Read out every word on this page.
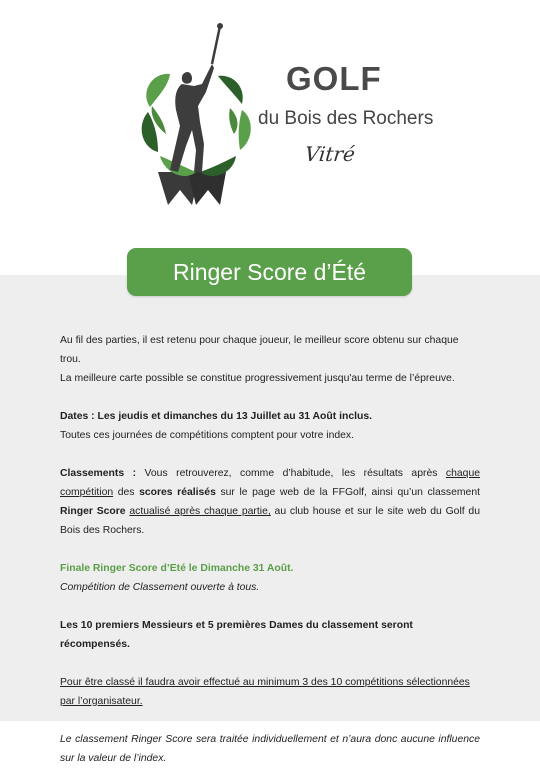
GOLF
du Bois des Rochers
Vitré
Ringer Score d’Été

Au fil des parties, il est retenu pour chaque joueur, le meilleur score obtenu sur chaque trou.

La meilleure carte possible se constitue progressivement jusqu'au terme de l’épreuve.

Dates : Les jeudis et dimanches du 13 Juillet au 31 Août inclus.

Toutes ces journées de compétitions comptent pour votre index.

Classements : Vous retrouverez, comme d’habitude, les résultats après chaque compétition des scores réalisés sur le page web de la FFGolf, ainsi qu’un classement Ringer Score actualisé après chaque partie, au club house et sur le site web du Golf du Bois des Rochers.

Finale Ringer Score d’Eté le Dimanche 31 Août.

Compétition de Classement ouverte à tous.

Les 10 premiers Messieurs et 5 premières Dames du classement seront récompensés.

Pour être classé il faudra avoir effectué au minimum 3 des 10 compétitions sélectionnées par l’organisateur.

Le classement Ringer Score sera traitée individuellement et n’aura donc aucune influence sur la valeur de l’index.
